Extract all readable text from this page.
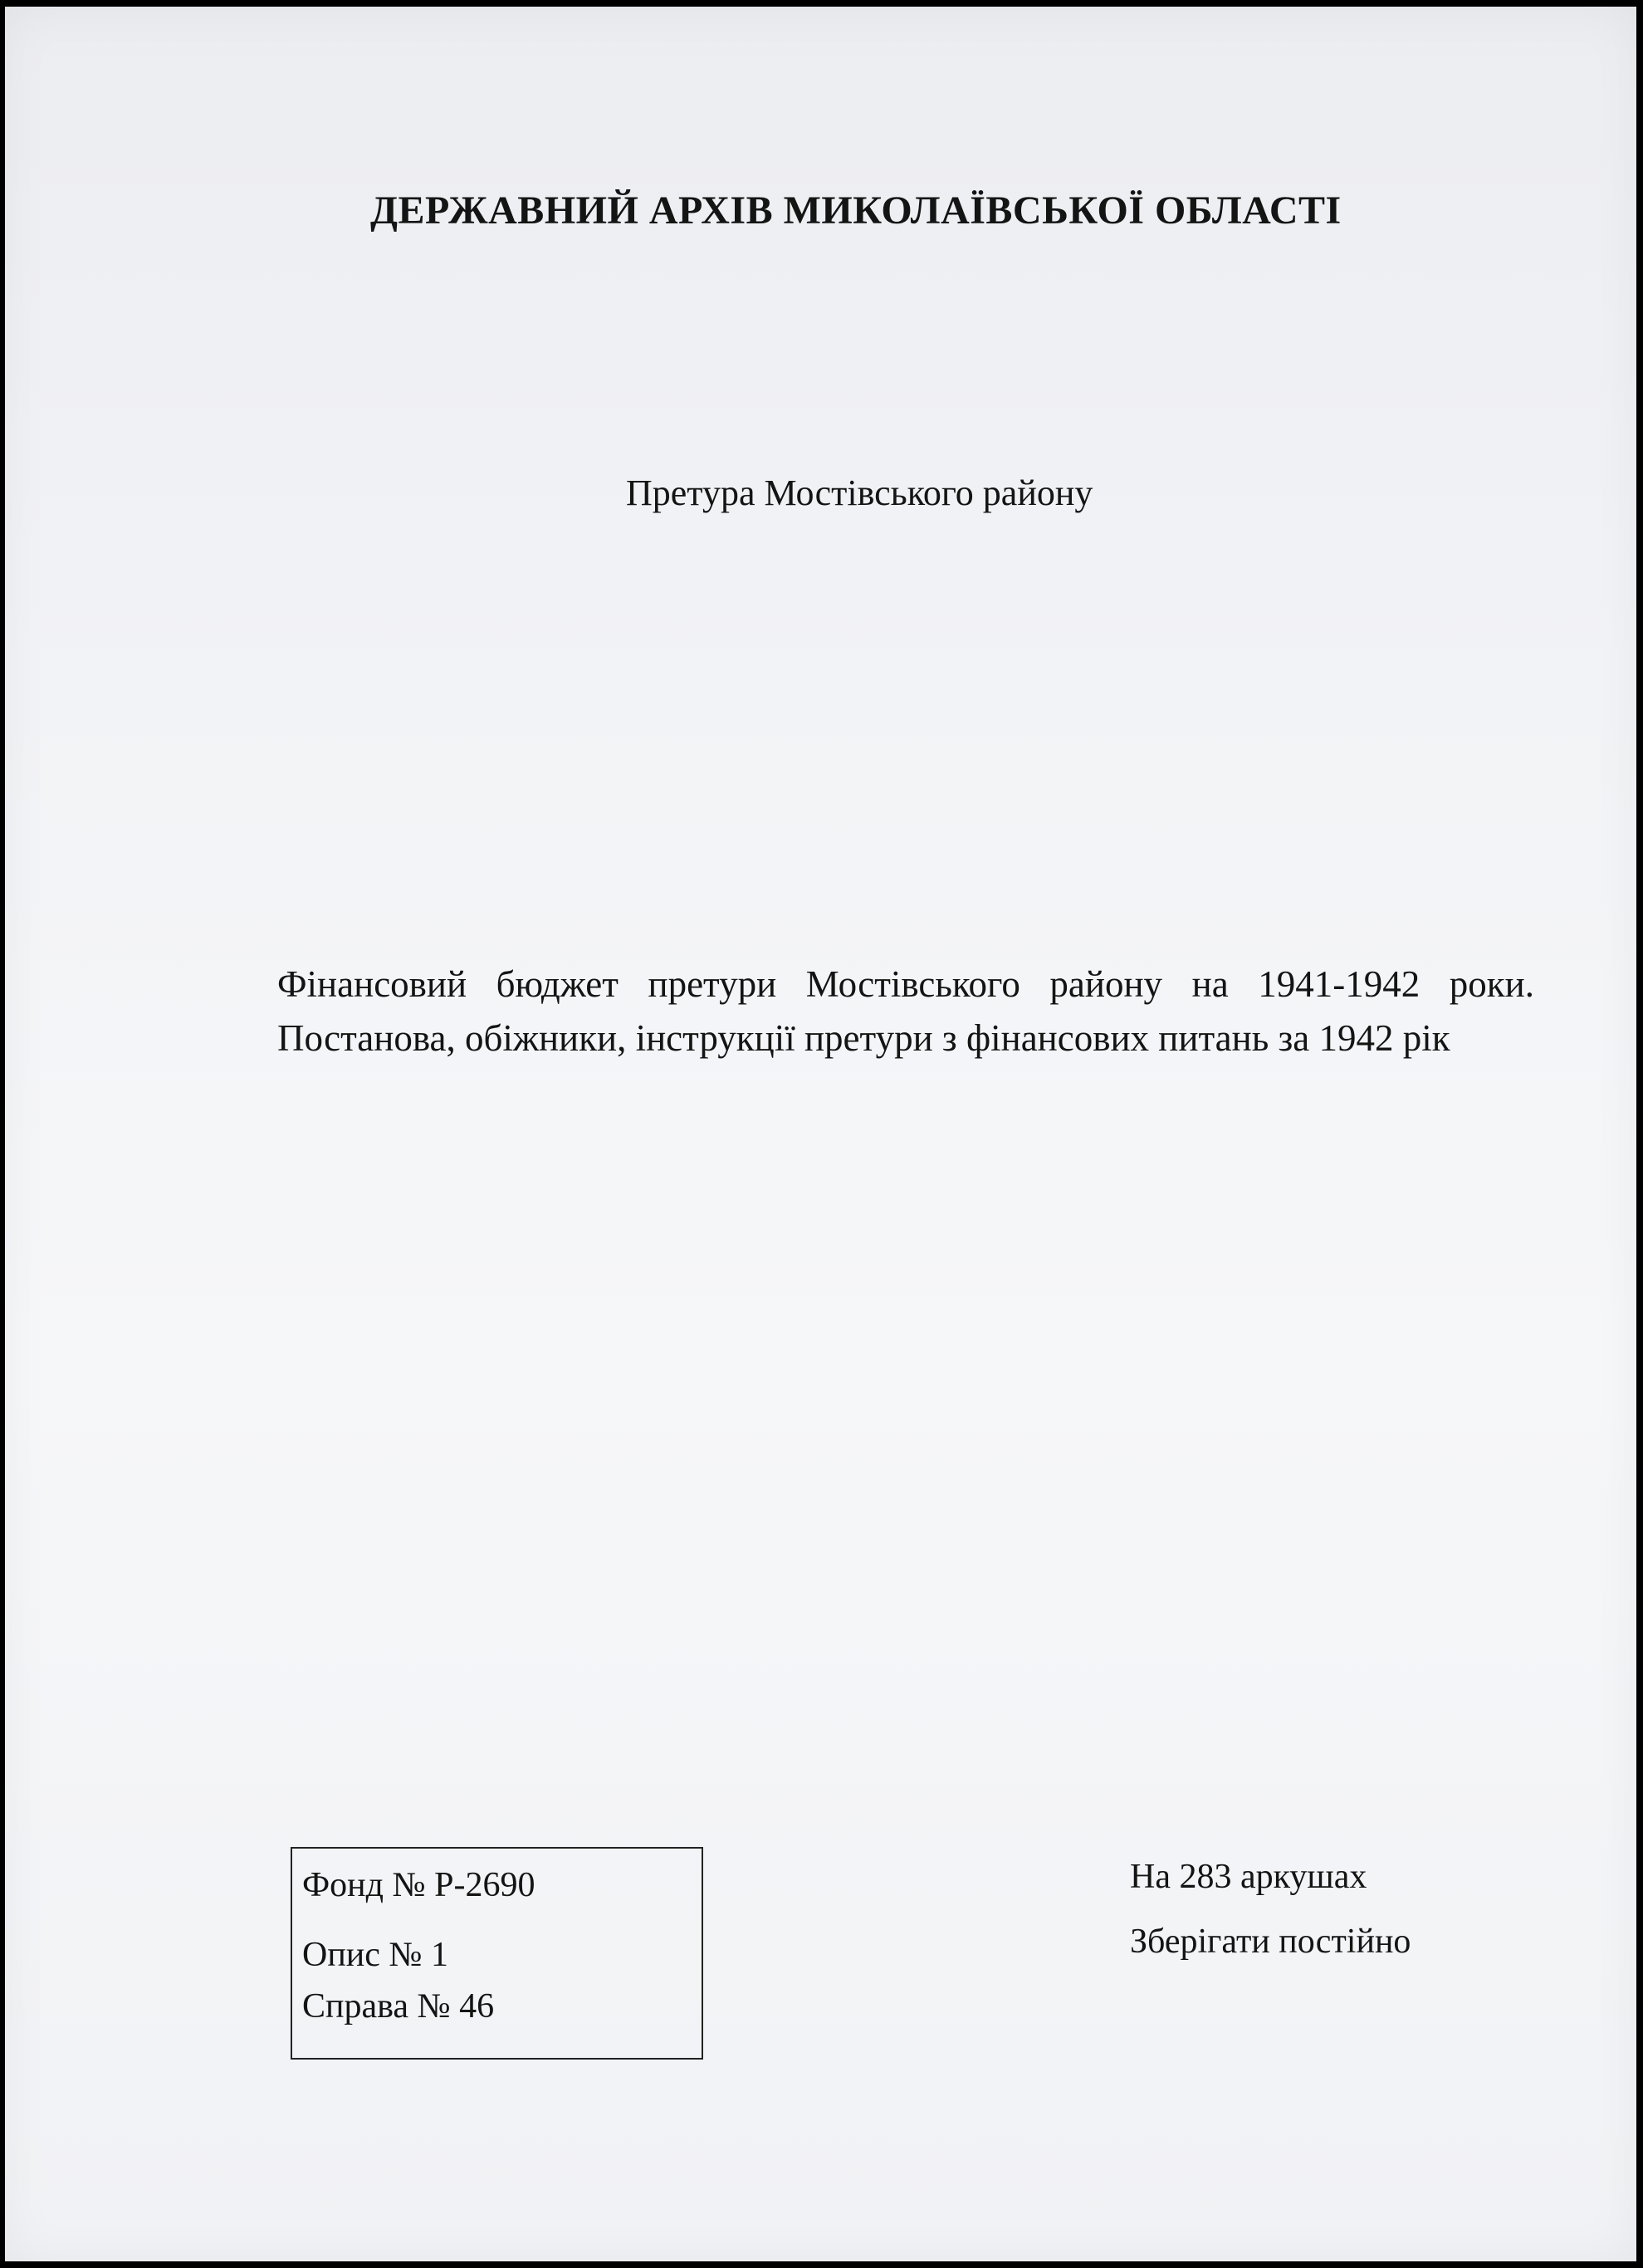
ДЕРЖАВНИЙ АРХІВ МИКОЛАЇВСЬКОЇ ОБЛАСТІ
Претура Мостівського району
Фінансовий бюджет претури Мостівського району на 1941-1942 роки. Постанова, обіжники, інструкції претури з фінансових питань за 1942 рік
Фонд № Р-2690
Опис № 1
Справа № 46
На 283 аркушах
Зберігати постійно
